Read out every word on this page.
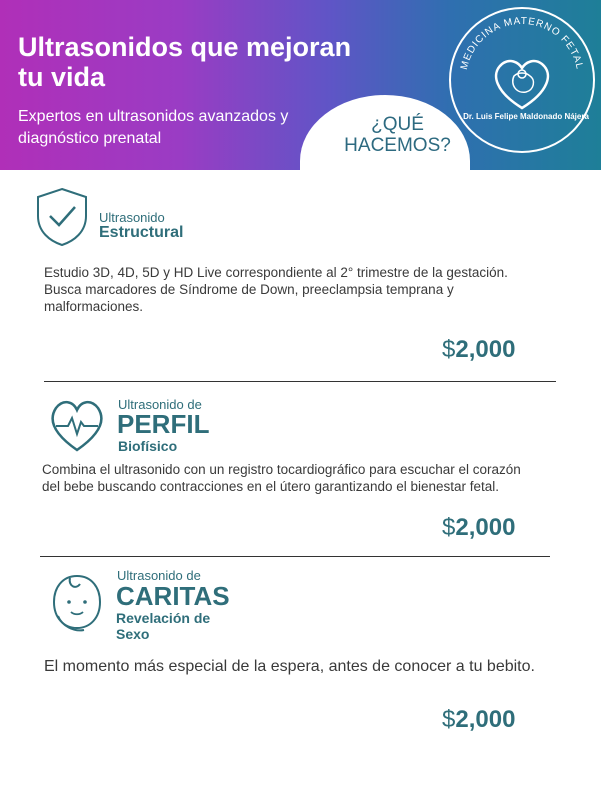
Ultrasonidos que mejoran tu vida
Expertos en ultrasonidos avanzados y diagnóstico prenatal
¿QUÉ HACEMOS?
MEDICINA MATERNO FETAL
Dr. Luis Felipe Maldonado Nájera
Ultrasonido
Estructural
Estudio 3D, 4D, 5D y HD Live correspondiente al 2° trimestre de la gestación. Busca marcadores de Síndrome de Down, preeclampsia temprana y malformaciones.
$2,000
Ultrasonido de
PERFIL
Biofísico
Combina el ultrasonido con un registro tocardiográfico para escuchar el corazón del bebe buscando contracciones en el útero garantizando el bienestar fetal.
$2,000
Ultrasonido de
CARITAS
Revelación de Sexo
El momento más especial de la espera, antes de conocer a tu bebito.
$2,000
